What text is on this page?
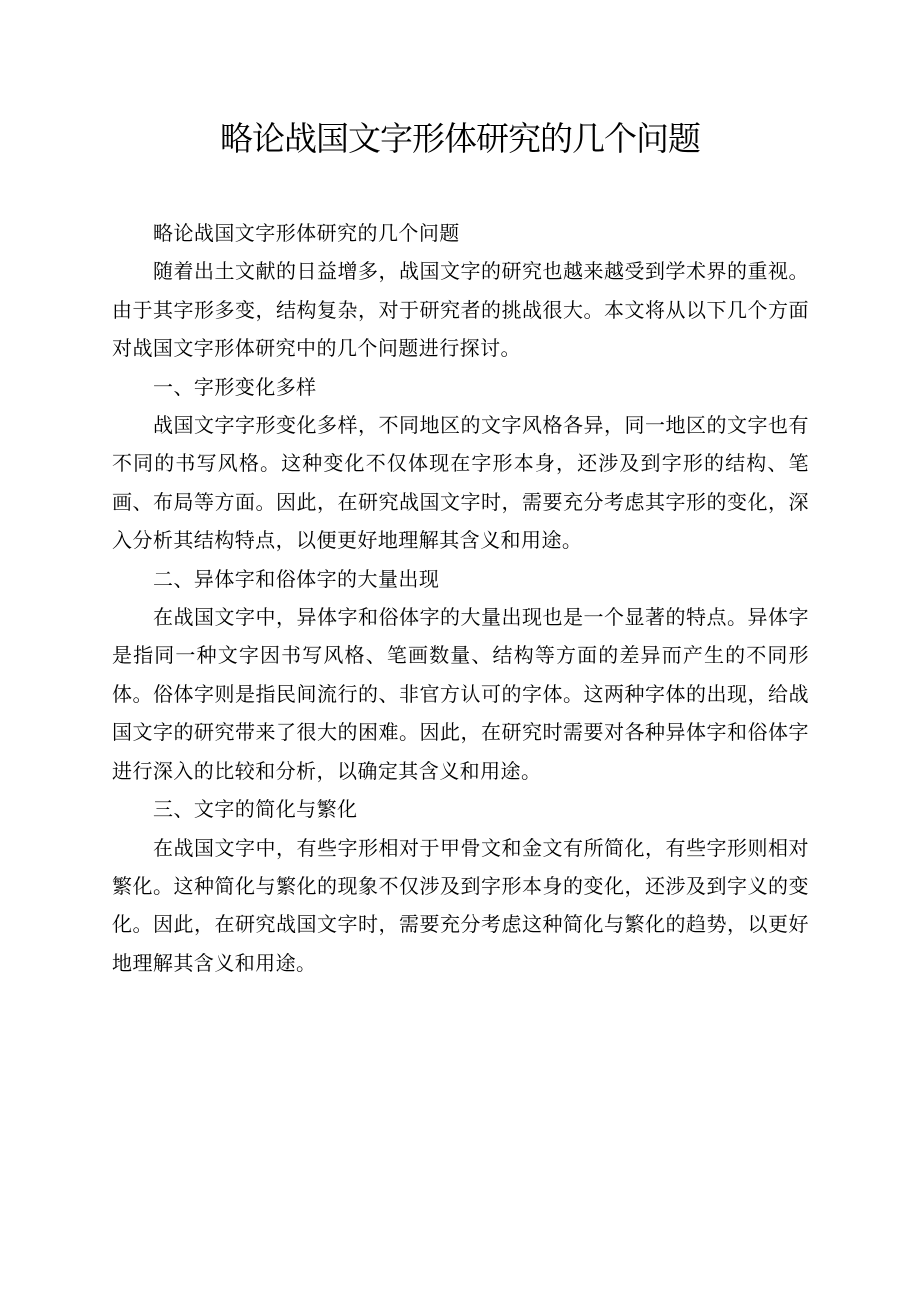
略论战国文字形体研究的几个问题

略论战国文字形体研究的几个问题

随着出土文献的日益增多，战国文字的研究也越来越受到学术界的重视。由于其字形多变，结构复杂，对于研究者的挑战很大。本文将从以下几个方面对战国文字形体研究中的几个问题进行探讨。

一、字形变化多样

战国文字字形变化多样，不同地区的文字风格各异，同一地区的文字也有不同的书写风格。这种变化不仅体现在字形本身，还涉及到字形的结构、笔画、布局等方面。因此，在研究战国文字时，需要充分考虑其字形的变化，深入分析其结构特点，以便更好地理解其含义和用途。

二、异体字和俗体字的大量出现

在战国文字中，异体字和俗体字的大量出现也是一个显著的特点。异体字是指同一种文字因书写风格、笔画数量、结构等方面的差异而产生的不同形体。俗体字则是指民间流行的、非官方认可的字体。这两种字体的出现，给战国文字的研究带来了很大的困难。因此，在研究时需要对各种异体字和俗体字进行深入的比较和分析，以确定其含义和用途。

三、文字的简化与繁化

在战国文字中，有些字形相对于甲骨文和金文有所简化，有些字形则相对繁化。这种简化与繁化的现象不仅涉及到字形本身的变化，还涉及到字义的变化。因此，在研究战国文字时，需要充分考虑这种简化与繁化的趋势，以更好地理解其含义和用途。
